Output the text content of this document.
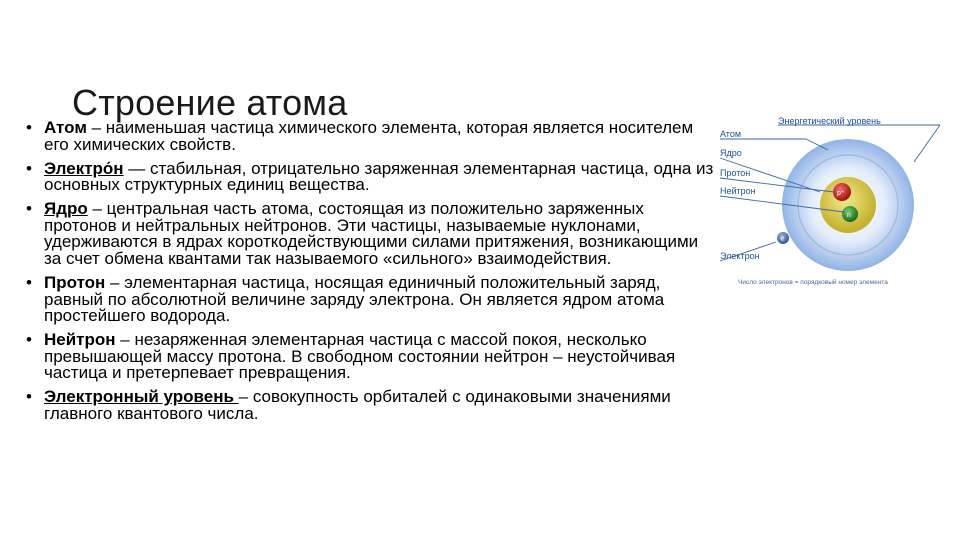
Строение атома
• Атом – наименьшая частица химического элемента, которая является носителем его химических свойств.
• Электро́н — стабильная, отрицательно заряженная элементарная частица, одна из основных структурных единиц вещества.
• Ядро – центральная часть атома, состоящая из положительно заряженных протонов и нейтральных нейтронов. Эти частицы, называемые нуклонами, удерживаются в ядрах короткодействующими силами притяжения, возникающими за счет обмена квантами так называемого «сильного» взаимодействия.
• Протон – элементарная частица, носящая единичный положительный заряд, равный по абсолютной величине заряду электрона. Он является ядром атома простейшего водорода.
• Нейтрон – незаряженная элементарная частица с массой покоя, несколько превышающей массу протона. В свободном состоянии нейтрон – неустойчивая частица и претерпевает превращения.
• Электронный уровень – совокупность орбиталей с одинаковыми значениями главного квантового числа.
p⁺
n
e
Энергетический уровень
Атом
Ядро
Протон
Нейтрон
Электрон
Число электронов = порядковый номер элемента
